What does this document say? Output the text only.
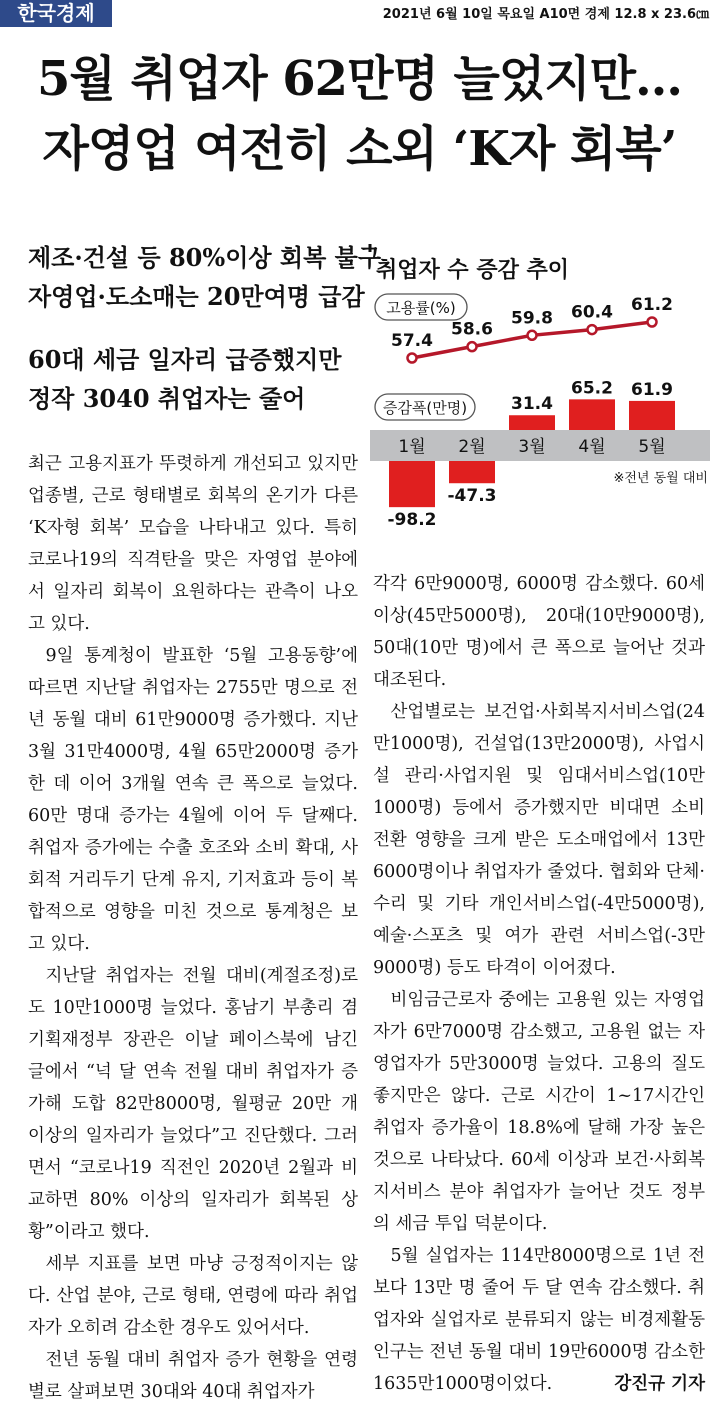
한국경제	2021년 6월 10일 목요일 A10면 경제 12.8 x 23.6㎝
5월 취업자 62만명 늘었지만…
자영업 여전히 소외 ‘K자 회복’
제조·건설 등 80%이상 회복 불구
자영업·도소매는 20만여명 급감
60대 세금 일자리 급증했지만
정작 3040 취업자는 줄어
취업자 수 증감 추이
고용률(%)
증감폭(만명)
1월 2월 3월 4월 5월
57.4
58.6
59.8 60.4 61.2
-98.2
-47.3
31.4
65.2 61.9
※전년 동월 대비

최근 고용지표가 뚜렷하게 개선되고 있지만 업종별, 근로 형태별로 회복의 온기가 다른 ‘K자형 회복’ 모습을 나타내고 있다. 특히 코로나19의 직격탄을 맞은 자영업 분야에서 일자리 회복이 요원하다는 관측이 나오고 있다.

9일 통계청이 발표한 ‘5월 고용동향’에 따르면 지난달 취업자는 2755만 명으로 전년 동월 대비 61만9000명 증가했다. 지난 3월 31만4000명, 4월 65만2000명 증가한 데 이어 3개월 연속 큰 폭으로 늘었다. 60만 명대 증가는 4월에 이어 두 달째다. 취업자 증가에는 수출 호조와 소비 확대, 사회적 거리두기 단계 유지, 기저효과 등이 복합적으로 영향을 미친 것으로 통계청은 보고 있다.

지난달 취업자는 전월 대비(계절조정)로도 10만1000명 늘었다. 홍남기 부총리 겸 기획재정부 장관은 이날 페이스북에 남긴 글에서 “넉 달 연속 전월 대비 취업자가 증가해 도합 82만8000명, 월평균 20만 개 이상의 일자리가 늘었다”고 진단했다. 그러면서 “코로나19 직전인 2020년 2월과 비교하면 80% 이상의 일자리가 회복된 상황”이라고 했다.

세부 지표를 보면 마냥 긍정적이지는 않다. 산업 분야, 근로 형태, 연령에 따라 취업자가 오히려 감소한 경우도 있어서다.

전년 동월 대비 취업자 증가 현황을 연령별로 살펴보면 30대와 40대 취업자가

각각 6만9000명, 6000명 감소했다. 60세 이상(45만5000명), 20대(10만9000명), 50대(10만 명)에서 큰 폭으로 늘어난 것과 대조된다.

산업별로는 보건업·사회복지서비스업(24만1000명), 건설업(13만2000명), 사업시설 관리·사업지원 및 임대서비스업(10만1000명) 등에서 증가했지만 비대면 소비 전환 영향을 크게 받은 도소매업에서 13만6000명이나 취업자가 줄었다. 협회와 단체·수리 및 기타 개인서비스업(-4만5000명), 예술·스포츠 및 여가 관련 서비스업(-3만9000명) 등도 타격이 이어졌다.

비임금근로자 중에는 고용원 있는 자영업자가 6만7000명 감소했고, 고용원 없는 자영업자가 5만3000명 늘었다. 고용의 질도 좋지만은 않다. 근로 시간이 1~17시간인 취업자 증가율이 18.8%에 달해 가장 높은 것으로 나타났다. 60세 이상과 보건·사회복지서비스 분야 취업자가 늘어난 것도 정부의 세금 투입 덕분이다.

5월 실업자는 114만8000명으로 1년 전보다 13만 명 줄어 두 달 연속 감소했다. 취업자와 실업자로 분류되지 않는 비경제활동인구는 전년 동월 대비 19만6000명 감소한 1635만1000명이었다.	강진규 기자
